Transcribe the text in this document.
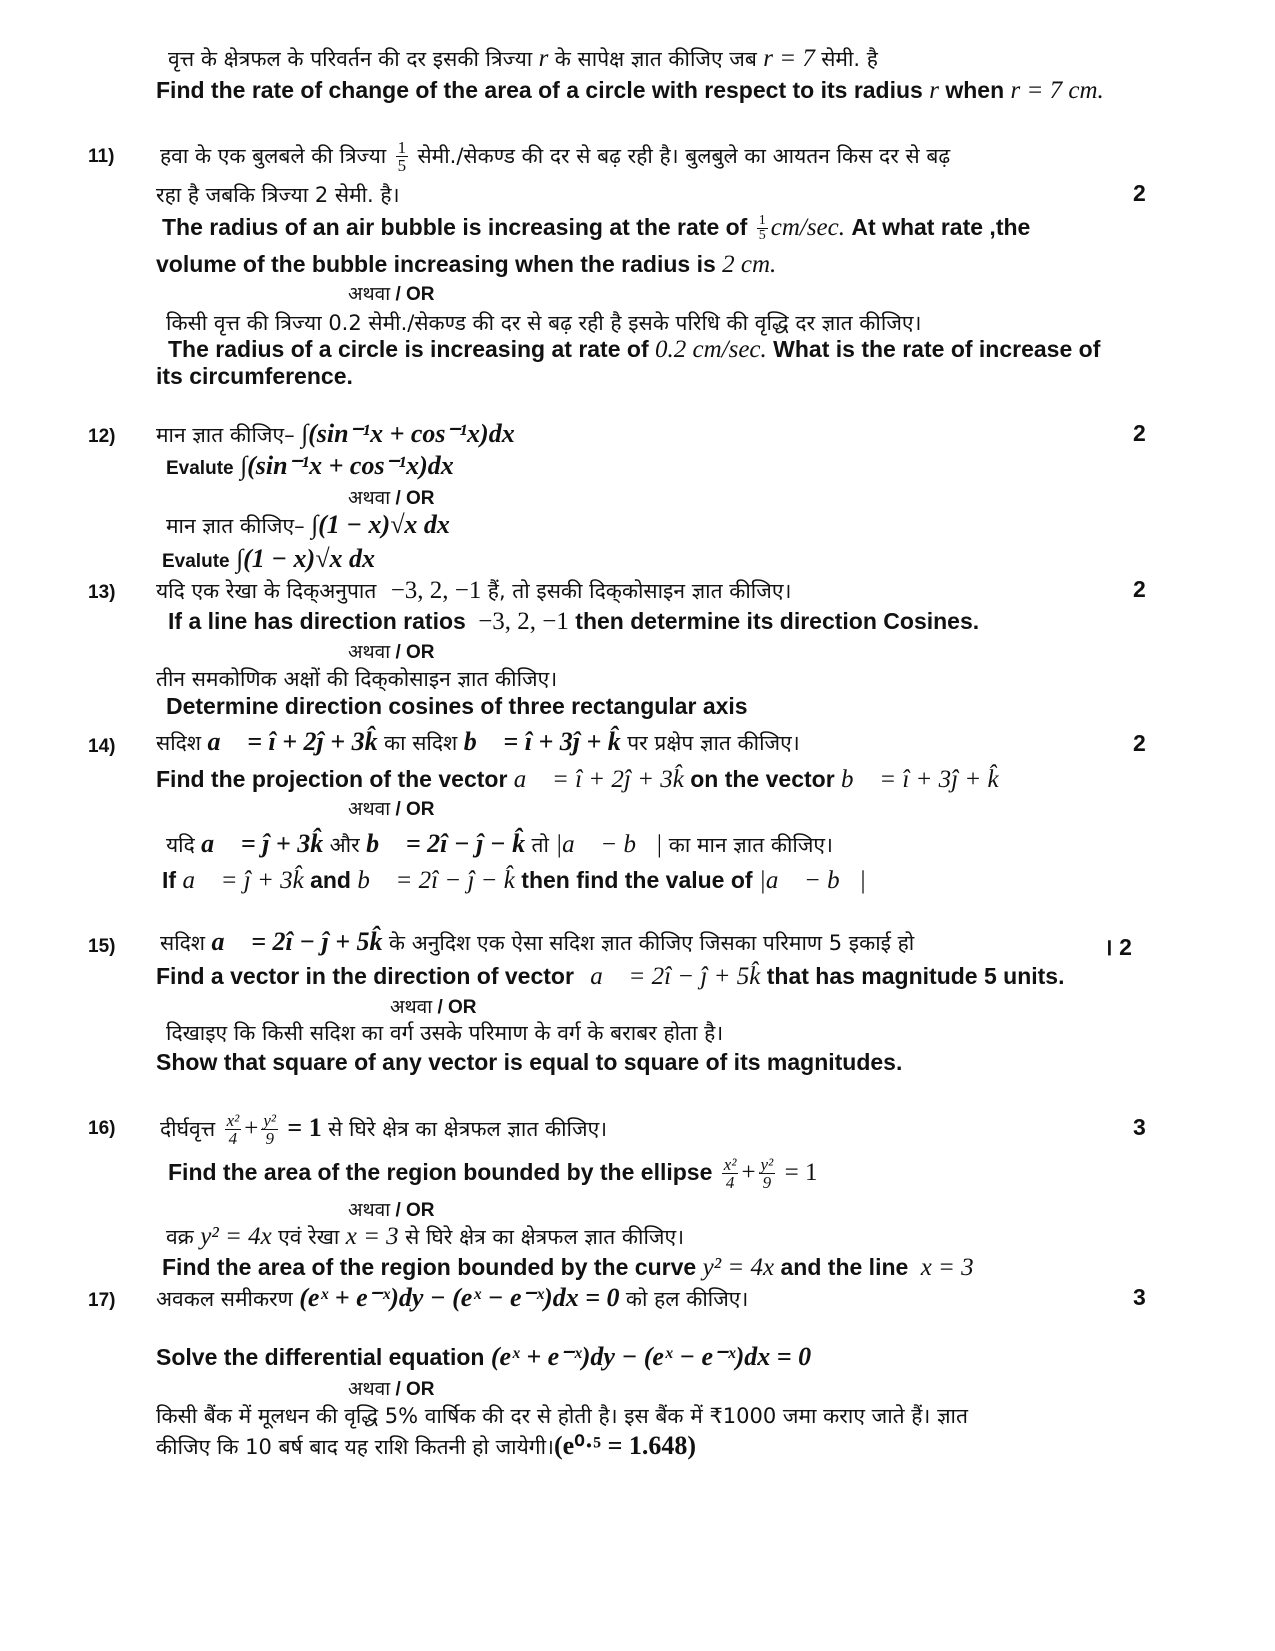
वृत्त के क्षेत्रफल के परिवर्तन की दर इसकी त्रिज्या r के सापेक्ष ज्ञात कीजिए जब r = 7 सेमी. है
Find the rate of change of the area of a circle with respect to its radius r when r = 7 cm.
11) हवा के एक बुलबले की त्रिज्या $\frac{1}{5}$ सेमी./सेकण्ड की दर से बढ़ रही है। बुलबुले का आयतन किस दर से बढ़
रहा है जबकि त्रिज्या 2 सेमी. है।	2
The radius of an air bubble is increasing at the rate of $\frac{1}{5} cm/\sec$. At what rate ,the
volume of the bubble increasing when the radius is 2 cm.
अथवा / OR
किसी वृत्त की त्रिज्या 0.2 सेमी./सेकण्ड की दर से बढ़ रही है इसके परिधि की वृद्धि दर ज्ञात कीजिए।
The radius of a circle is increasing at rate of 0.2 cm/sec. What is the rate of increase of
its circumference.
12) मान ज्ञात कीजिए– ∫(sin⁻¹x + cos⁻¹x)dx	2
Evalute ∫(sin⁻¹x + cos⁻¹x)dx
अथवा / OR
मान ज्ञात कीजिए– ∫(1 − x)√x dx
Evalute ∫(1 − x)√x dx
13) यदि एक रेखा के दिक्‌अनुपात −3, 2, −1 हैं, तो इसकी दिक्‌कोसाइन ज्ञात कीजिए।	2
If a line has direction ratios −3, 2, −1 then determine its direction Cosines.
अथवा / OR
तीन समकोणिक अक्षों की दिक्‌कोसाइन ज्ञात कीजिए।
Determine direction cosines of three rectangular axis
14) सदिश a⃗ = î + 2ĵ + 3k̂ का सदिश b⃗ = î + 3ĵ + k̂ पर प्रक्षेप ज्ञात कीजिए।	2
Find the projection of the vector a⃗ = î + 2ĵ + 3k̂ on the vector b⃗ = î + 3ĵ + k̂
अथवा / OR
यदि a⃗ = ĵ + 3k̂ और b⃗ = 2î − ĵ − k̂ तो |a⃗ − b⃗| का मान ज्ञात कीजिए।
If a⃗ = ĵ + 3k̂ and b⃗ = 2î − ĵ − k̂ then find the value of |a⃗ − b⃗|
15) सदिश a⃗ = 2î − ĵ + 5k̂ के अनुदिश एक ऐसा सदिश ज्ञात कीजिए जिसका परिमाण 5 इकाई हो	। 2
Find a vector in the direction of vector a⃗ = 2î − ĵ + 5k̂ that has magnitude 5 units.
अथवा / OR
दिखाइए कि किसी सदिश का वर्ग उसके परिमाण के वर्ग के बराबर होता है।
Show that square of any vector is equal to square of its magnitudes.
16) दीर्घवृत्त $\frac{\text{x²}}{4} + \frac{\text{y²}}{9} = 1$ से घिरे क्षेत्र का क्षेत्रफल ज्ञात कीजिए।	3
Find the area of the region bounded by the ellipse $\frac{\text{x²}}{4} + \frac{\text{y²}}{9} = 1$
अथवा / OR
वक्र y² = 4x एवं रेखा x = 3 से घिरे क्षेत्र का क्षेत्रफल ज्ञात कीजिए।
Find the area of the region bounded by the curve y² = 4x and the line x = 3
17) अवकल समीकरण (eˣ + e⁻ˣ)dy − (eˣ − e⁻ˣ)dx = 0 को हल कीजिए।	3
Solve the differential equation (eˣ + e⁻ˣ)dy − (eˣ − e⁻ˣ)dx = 0
अथवा / OR
किसी बैंक में मूलधन की वृद्धि 5% वार्षिक की दर से होती है। इस बैंक में ₹1000 जमा कराए जाते हैं। ज्ञात
कीजिए कि 10 बर्ष बाद यह राशि कितनी हो जायेगी।(e⁰·⁵ = 1.648)
